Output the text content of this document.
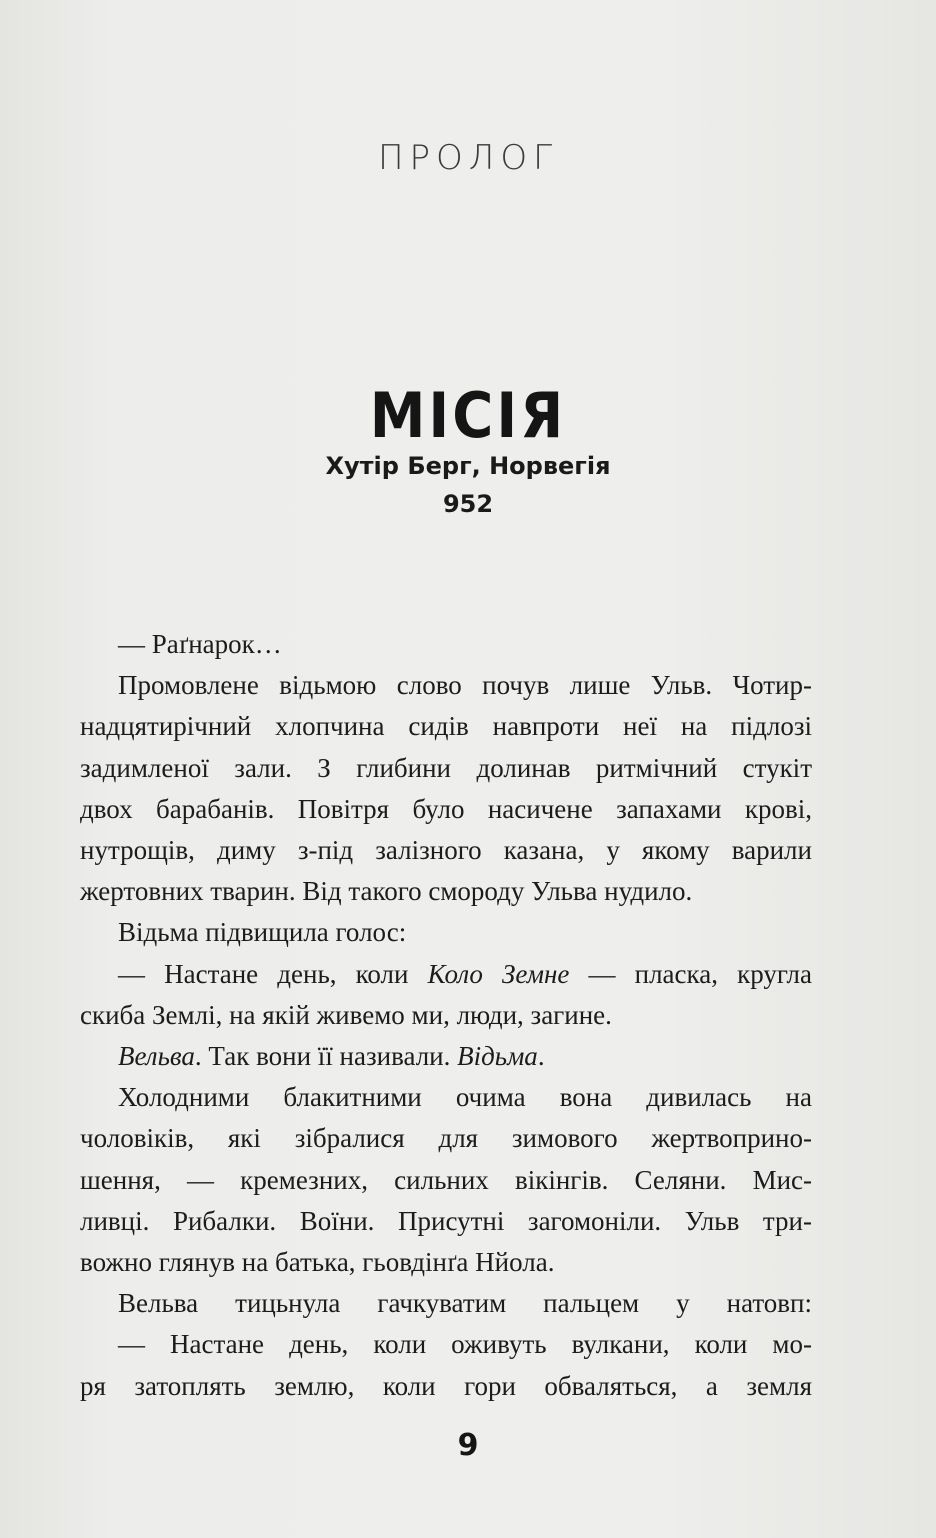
ПРОЛОГ
МІСІЯ
Хутір Берг, Норвегія
952
— Раґнарок…
Промовлене відьмою слово почув лише Ульв. Чотир-
надцятирічний хлопчина сидів навпроти неї на підлозі
задимленої зали. З глибини долинав ритмічний стукіт
двох барабанів. Повітря було насичене запахами крові,
нутрощів, диму з-під залізного казана, у якому варили
жертовних тварин. Від такого смороду Ульва нудило.
Відьма підвищила голос:
— Настане день, коли Коло Земне — пласка, кругла
скиба Землі, на якій живемо ми, люди, загине.
Вельва. Так вони її називали. Відьма.
Холодними блакитними очима вона дивилась на
чоловіків, які зібралися для зимового жертвоприно-
шення, — кремезних, сильних вікінгів. Селяни. Мис-
ливці. Рибалки. Воїни. Присутні загомоніли. Ульв три-
вожно глянув на батька, гьовдінґа Нйола.
Вельва тицьнула гачкуватим пальцем у натовп:
— Настане день, коли оживуть вулкани, коли мо-
ря затоплять землю, коли гори обваляться, а земля
9
